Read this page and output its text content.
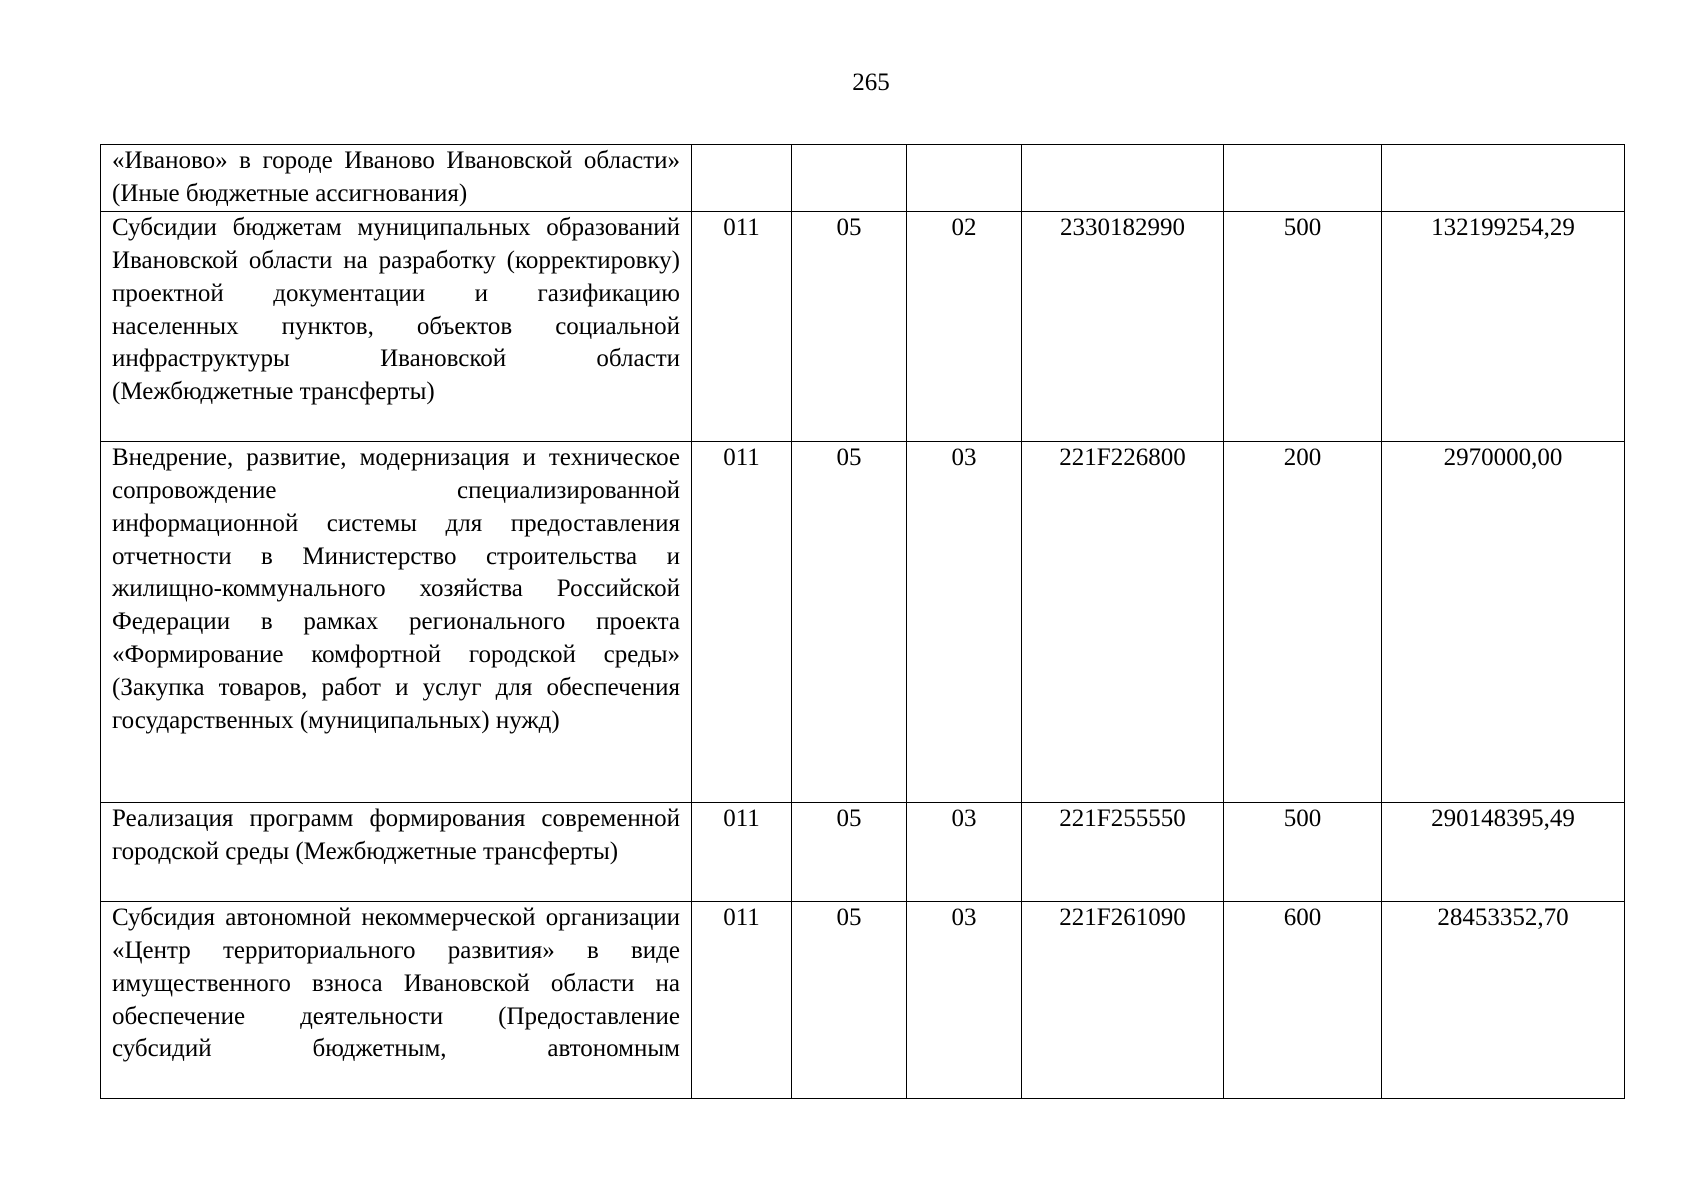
265
«Иваново» в городе Иваново Ивановской области» (Иные бюджетные ассигнования)						
Субсидии бюджетам муниципальных образований Ивановской области на разработку (корректировку) проектной документации и газификацию населенных пунктов, объектов социальной инфраструктуры Ивановской области (Межбюджетные трансферты)	011	05	02	2330182990	500	132199254,29
Внедрение, развитие, модернизация и техническое сопровождение специализированной информационной системы для предоставления отчетности в Министерство строительства и жилищно-коммунального хозяйства Российской Федерации в рамках регионального проекта «Формирование комфортной городской среды» (Закупка товаров, работ и услуг для обеспечения государственных (муниципальных) нужд)	011	05	03	221F226800	200	2970000,00
Реализация программ формирования современной городской среды (Межбюджетные трансферты)	011	05	03	221F255550	500	290148395,49
Субсидия автономной некоммерческой организации «Центр территориального развития» в виде имущественного взноса Ивановской области на обеспечение деятельности (Предоставление субсидий бюджетным, автономным	011	05	03	221F261090	600	28453352,70
